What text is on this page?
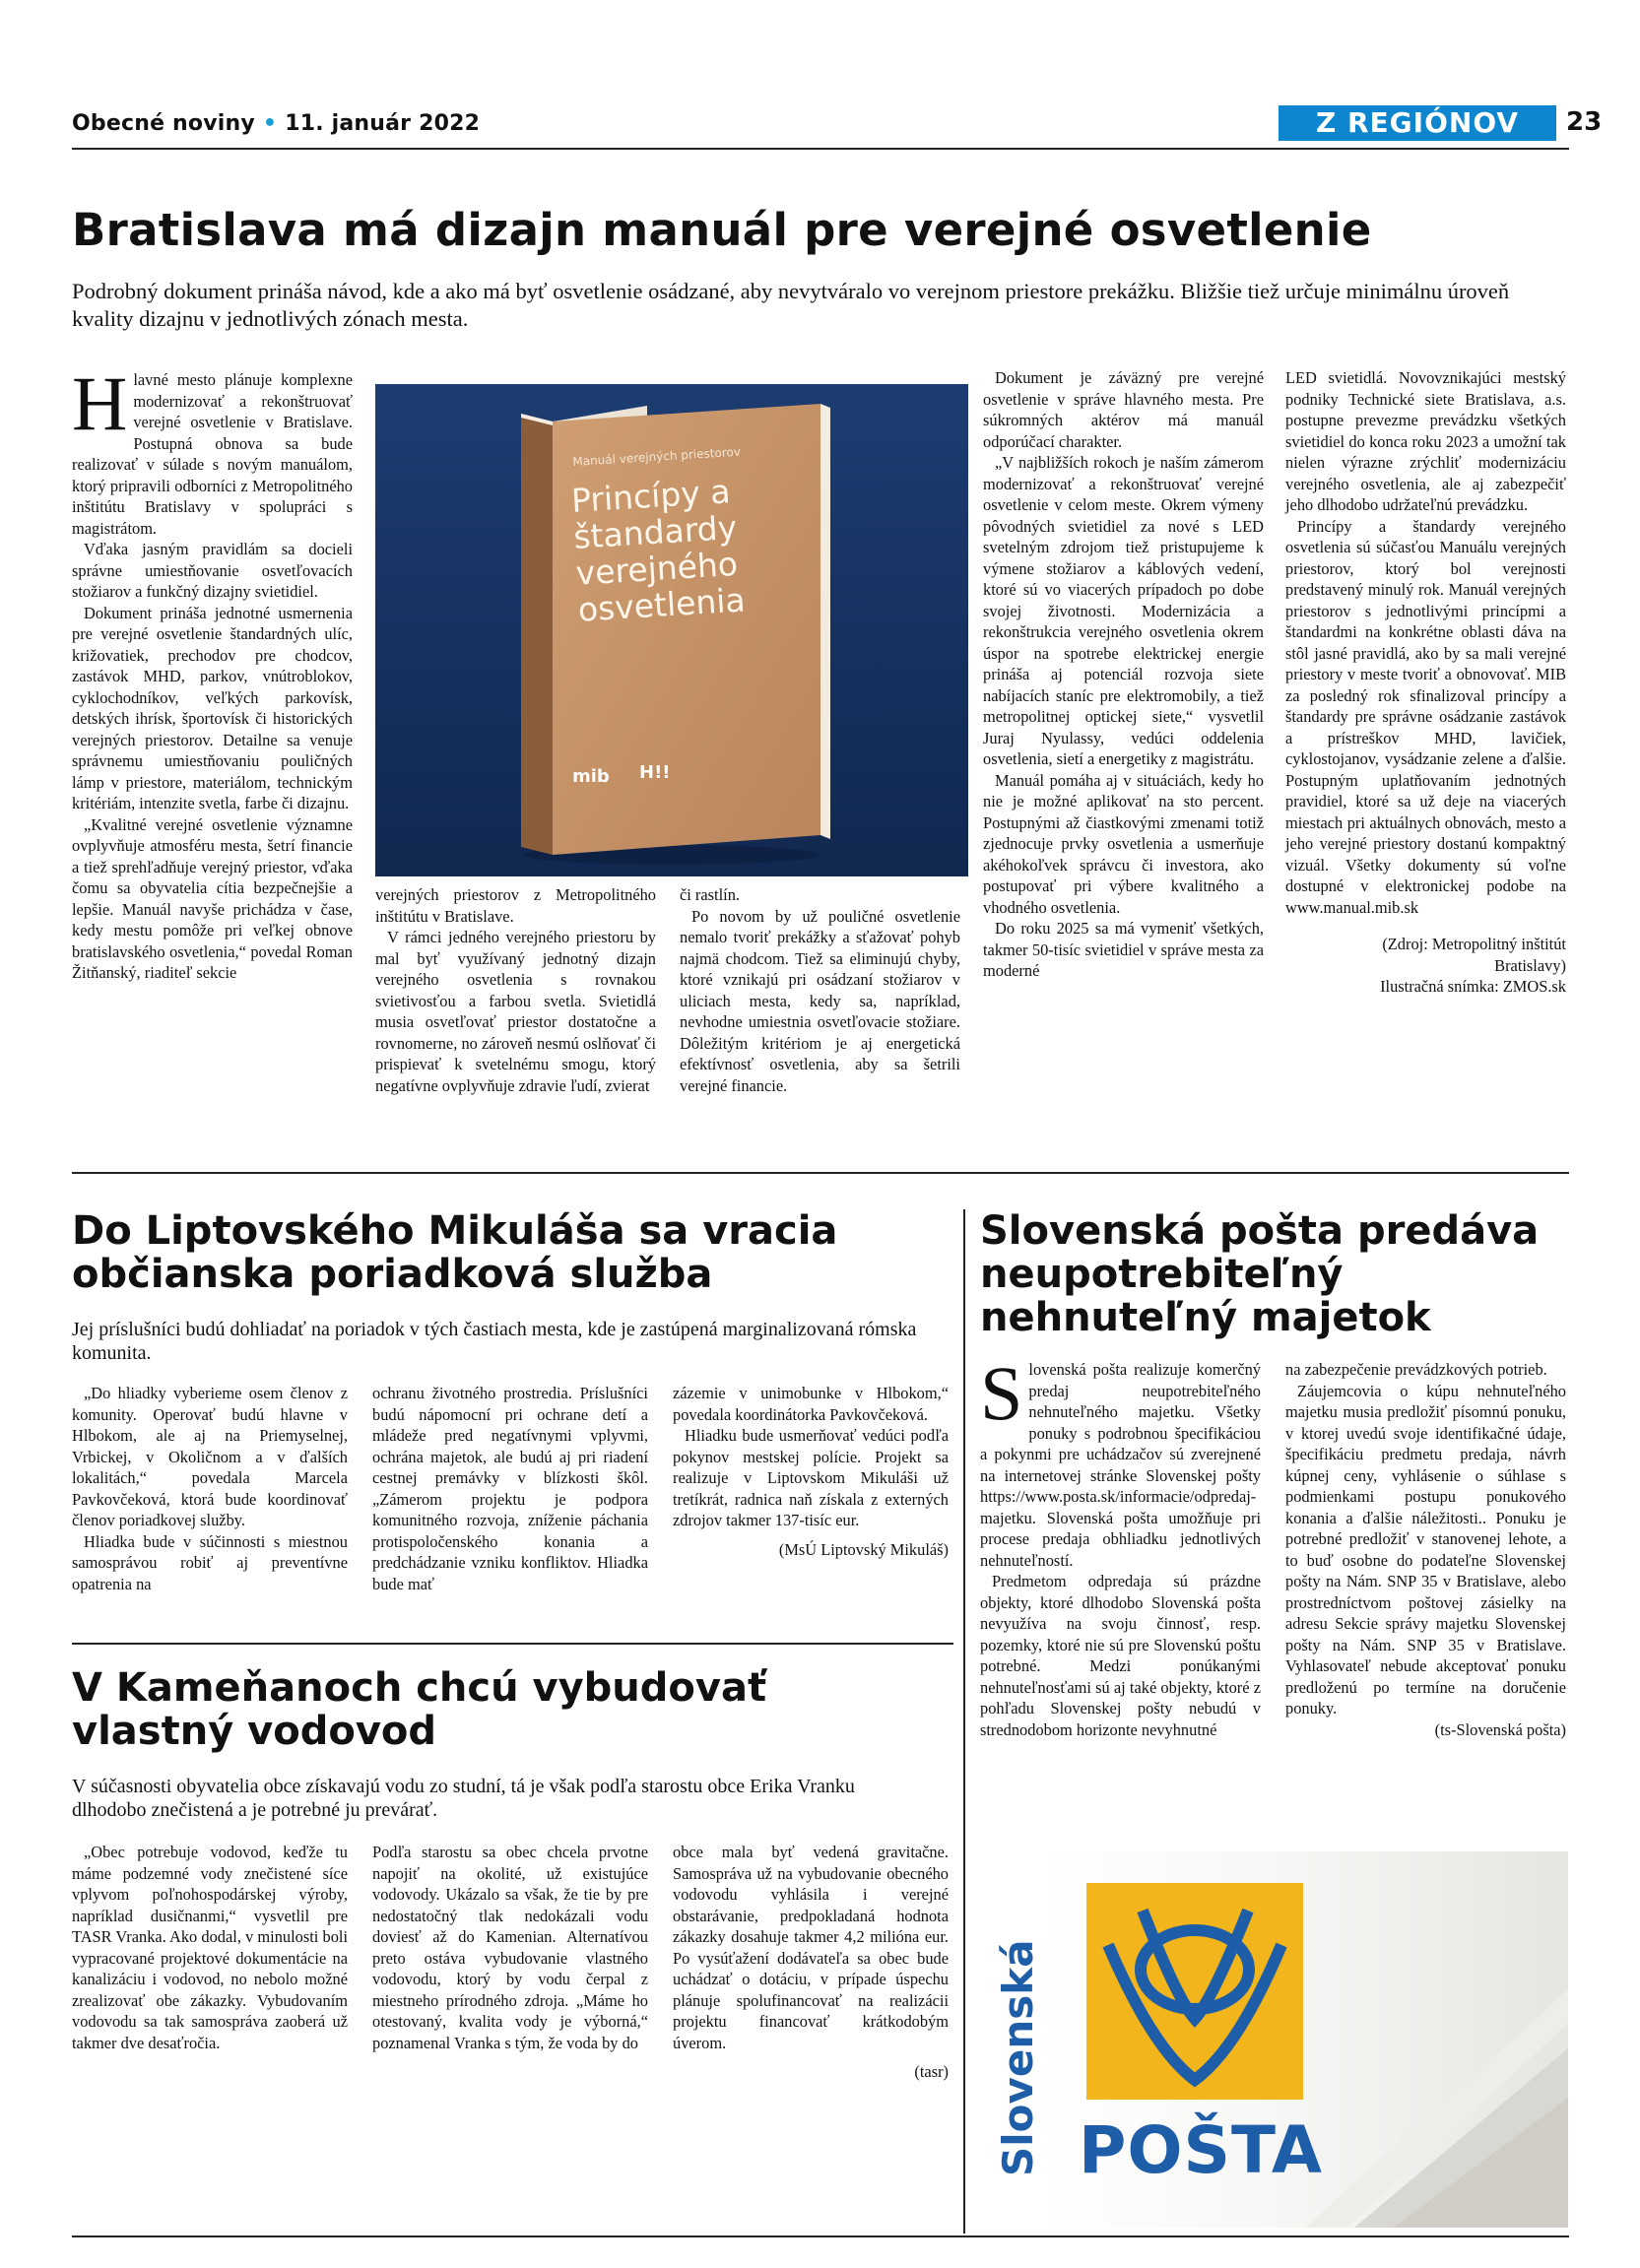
Obecné noviny • 11. január 2022	Z REGIÓNOV	23
Bratislava má dizajn manuál pre verejné osvetlenie

Podrobný dokument prináša návod, kde a ako má byť osvetlenie osádzané, aby nevytváralo vo verejnom priestore prekážku. Bližšie tiež určuje minimálnu úroveň kvality dizajnu v jednotlivých zónach mesta.

H lavné mesto plánuje komplexne modernizovať a rekonštruovať verejné osvetlenie v Bratislave. Postupná obnova sa bude realizovať v súlade s novým manuálom, ktorý pripravili odborníci z Metropolitného inštitútu Bratislavy v spolupráci s magistrátom.

Vďaka jasným pravidlám sa docieli správne umiestňovanie osvetľovacích stožiarov a funkčný dizajny svietidiel.

Dokument prináša jednotné usmernenia pre verejné osvetlenie štandardných ulíc, križovatiek, prechodov pre chodcov, zastávok MHD, parkov, vnútroblokov, cyklochodníkov, veľkých parkovísk, detských ihrísk, športovísk či historických verejných priestorov. Detailne sa venuje správnemu umiestňovaniu pouličných lámp v priestore, materiálom, technickým kritériám, intenzite svetla, farbe či dizajnu.

„Kvalitné verejné osvetlenie významne ovplyvňuje atmosféru mesta, šetrí financie a tiež sprehľadňuje verejný priestor, vďaka čomu sa obyvatelia cítia bezpečnejšie a lepšie. Manuál navyše prichádza v čase, kedy mestu pomôže pri veľkej obnove bratislavského osvetlenia,“ povedal Roman Žitňanský, riaditeľ sekcie

Manuál verejných priestorov
Princípy a štandardy verejného osvetlenia
mib H!!

verejných priestorov z Metropolitného inštitútu v Bratislave.

V rámci jedného verejného priestoru by mal byť využívaný jednotný dizajn verejného osvetlenia s rovnakou svietivosťou a farbou svetla. Svietidlá musia osvetľovať priestor dostatočne a rovnomerne, no zároveň nesmú oslňovať či prispievať k svetelnému smogu, ktorý negatívne ovplyvňuje zdravie ľudí, zvierat

či rastlín.

Po novom by už pouličné osvetlenie nemalo tvoriť prekážky a sťažovať pohyb najmä chodcom. Tiež sa eliminujú chyby, ktoré vznikajú pri osádzaní stožiarov v uliciach mesta, kedy sa, napríklad, nevhodne umiestnia osvetľovacie stožiare. Dôležitým kritériom je aj energetická efektívnosť osvetlenia, aby sa šetrili verejné financie.

Dokument je záväzný pre verejné osvetlenie v správe hlavného mesta. Pre súkromných aktérov má manuál odporúčací charakter.

„V najbližších rokoch je naším zámerom modernizovať a rekonštruovať verejné osvetlenie v celom meste. Okrem výmeny pôvodných svietidiel za nové s LED svetelným zdrojom tiež pristupujeme k výmene stožiarov a káblových vedení, ktoré sú vo viacerých prípadoch po dobe svojej životnosti. Modernizácia a rekonštrukcia verejného osvetlenia okrem úspor na spotrebe elektrickej energie prináša aj potenciál rozvoja siete nabíjacích staníc pre elektromobily, a tiež metropolitnej optickej siete,“ vysvetlil Juraj Nyulassy, vedúci oddelenia osvetlenia, sietí a energetiky z magistrátu.

Manuál pomáha aj v situáciách, kedy ho nie je možné aplikovať na sto percent. Postupnými až čiastkovými zmenami totiž zjednocuje prvky osvetlenia a usmerňuje akéhokoľvek správcu či investora, ako postupovať pri výbere kvalitného a vhodného osvetlenia.

Do roku 2025 sa má vymeniť všetkých, takmer 50-tisíc svietidiel v správe mesta za moderné

LED svietidlá. Novovznikajúci mestský podniky Technické siete Bratislava, a.s. postupne prevezme prevádzku všetkých svietidiel do konca roku 2023 a umožní tak nielen výrazne zrýchliť modernizáciu verejného osvetlenia, ale aj zabezpečiť jeho dlhodobo udržateľnú prevádzku.

Princípy a štandardy verejného osvetlenia sú súčasťou Manuálu verejných priestorov, ktorý bol verejnosti predstavený minulý rok. Manuál verejných priestorov s jednotlivými princípmi a štandardmi na konkrétne oblasti dáva na stôl jasné pravidlá, ako by sa mali verejné priestory v meste tvoriť a obnovovať. MIB za posledný rok sfinalizoval princípy a štandardy pre správne osádzanie zastávok a prístreškov MHD, lavičiek, cyklostojanov, vysádzanie zelene a ďalšie. Postupným uplatňovaním jednotných pravidiel, ktoré sa už deje na viacerých miestach pri aktuálnych obnovách, mesto a jeho verejné priestory dostanú kompaktný vizuál. Všetky dokumenty sú voľne dostupné v elektronickej podobe na www.manual.mib.sk

(Zdroj: Metropolitný inštitút Bratislavy)

Ilustračná snímka: ZMOS.sk

Do Liptovského Mikuláša sa vracia občianska poriadková služba

Jej príslušníci budú dohliadať na poriadok v tých častiach mesta, kde je zastúpená marginalizovaná rómska komunita.

„Do hliadky vyberieme osem členov z komunity. Operovať budú hlavne v Hlbokom, ale aj na Priemyselnej, Vrbickej, v Okoličnom a v ďalších lokalitách,“ povedala Marcela Pavkovčeková, ktorá bude koordinovať členov poriadkovej služby.

Hliadka bude v súčinnosti s miestnou samosprávou robiť aj preventívne opatrenia na

ochranu životného prostredia. Príslušníci budú nápomocní pri ochrane detí a mládeže pred negatívnymi vplyvmi, ochrána majetok, ale budú aj pri riadení cestnej premávky v blízkosti škôl. „Zámerom projektu je podpora komunitného rozvoja, zníženie páchania protispoločenského konania a predchádzanie vzniku konfliktov. Hliadka bude mať

zázemie v unimobunke v Hlbokom,“ povedala koordinátorka Pavkovčeková.

Hliadku bude usmerňovať vedúci podľa pokynov mestskej polície. Projekt sa realizuje v Liptovskom Mikuláši už tretíkrát, radnica naň získala z externých zdrojov takmer 137-tisíc eur.

(MsÚ Liptovský Mikuláš)

V Kameňanoch chcú vybudovať vlastný vodovod

V súčasnosti obyvatelia obce získavajú vodu zo studní, tá je však podľa starostu obce Erika Vranku dlhodobo znečistená a je potrebné ju prevárať.

„Obec potrebuje vodovod, keďže tu máme podzemné vody znečistené síce vplyvom poľnohospodárskej výroby, napríklad dusičnanmi,“ vysvetlil pre TASR Vranka. Ako dodal, v minulosti boli vypracované projektové dokumentácie na kanalizáciu i vodovod, no nebolo možné zrealizovať obe zákazky. Vybudovaním vodovodu sa tak samospráva zaoberá už takmer dve desaťročia.

Podľa starostu sa obec chcela prvotne napojiť na okolité, už existujúce vodovody. Ukázalo sa však, že tie by pre nedostatočný tlak nedokázali vodu doviesť až do Kamenian. Alternatívou preto ostáva vybudovanie vlastného vodovodu, ktorý by vodu čerpal z miestneho prírodného zdroja. „Máme ho otestovaný, kvalita vody je výborná,“ poznamenal Vranka s tým, že voda by do

obce mala byť vedená gravitačne. Samospráva už na vybudovanie obecného vodovodu vyhlásila i verejné obstarávanie, predpokladaná hodnota zákazky dosahuje takmer 4,2 milióna eur. Po vysúťažení dodávateľa sa obec bude uchádzať o dotáciu, v prípade úspechu plánuje spolufinancovať na realizácii projektu financovať krátkodobým úverom.

(tasr)

Slovenská pošta predáva neupotrebiteľný nehnuteľný majetok
S lovenská pošta realizuje komerčný predaj neupotrebiteľného nehnuteľného majetku. Všetky ponuky s podrobnou špecifikáciou a pokynmi pre uchádzačov sú zverejnené na internetovej stránke Slovenskej pošty https://www.posta.sk/informacie/odpredaj-majetku. Slovenská pošta umožňuje pri procese predaja obhliadku jednotlivých nehnuteľností.

Predmetom odpredaja sú prázdne objekty, ktoré dlhodobo Slovenská pošta nevyužíva na svoju činnosť, resp. pozemky, ktoré nie sú pre Slovenskú poštu potrebné. Medzi ponúkanými nehnuteľnosťami sú aj také objekty, ktoré z pohľadu Slovenskej pošty nebudú v strednodobom horizonte nevyhnutné

na zabezpečenie prevádzkových potrieb.

Záujemcovia o kúpu nehnuteľného majetku musia predložiť písomnú ponuku, v ktorej uvedú svoje identifikačné údaje, špecifikáciu predmetu predaja, návrh kúpnej ceny, vyhlásenie o súhlase s podmienkami postupu ponukového konania a ďalšie náležitosti.. Ponuku je potrebné predložiť v stanovenej lehote, a to buď osobne do podateľne Slovenskej pošty na Nám. SNP 35 v Bratislave, alebo prostredníctvom poštovej zásielky na adresu Sekcie správy majetku Slovenskej pošty na Nám. SNP 35 v Bratislave. Vyhlasovateľ nebude akceptovať ponuku predloženú po termíne na doručenie ponuky.

(ts-Slovenská pošta)

Slovenská POŠTA
